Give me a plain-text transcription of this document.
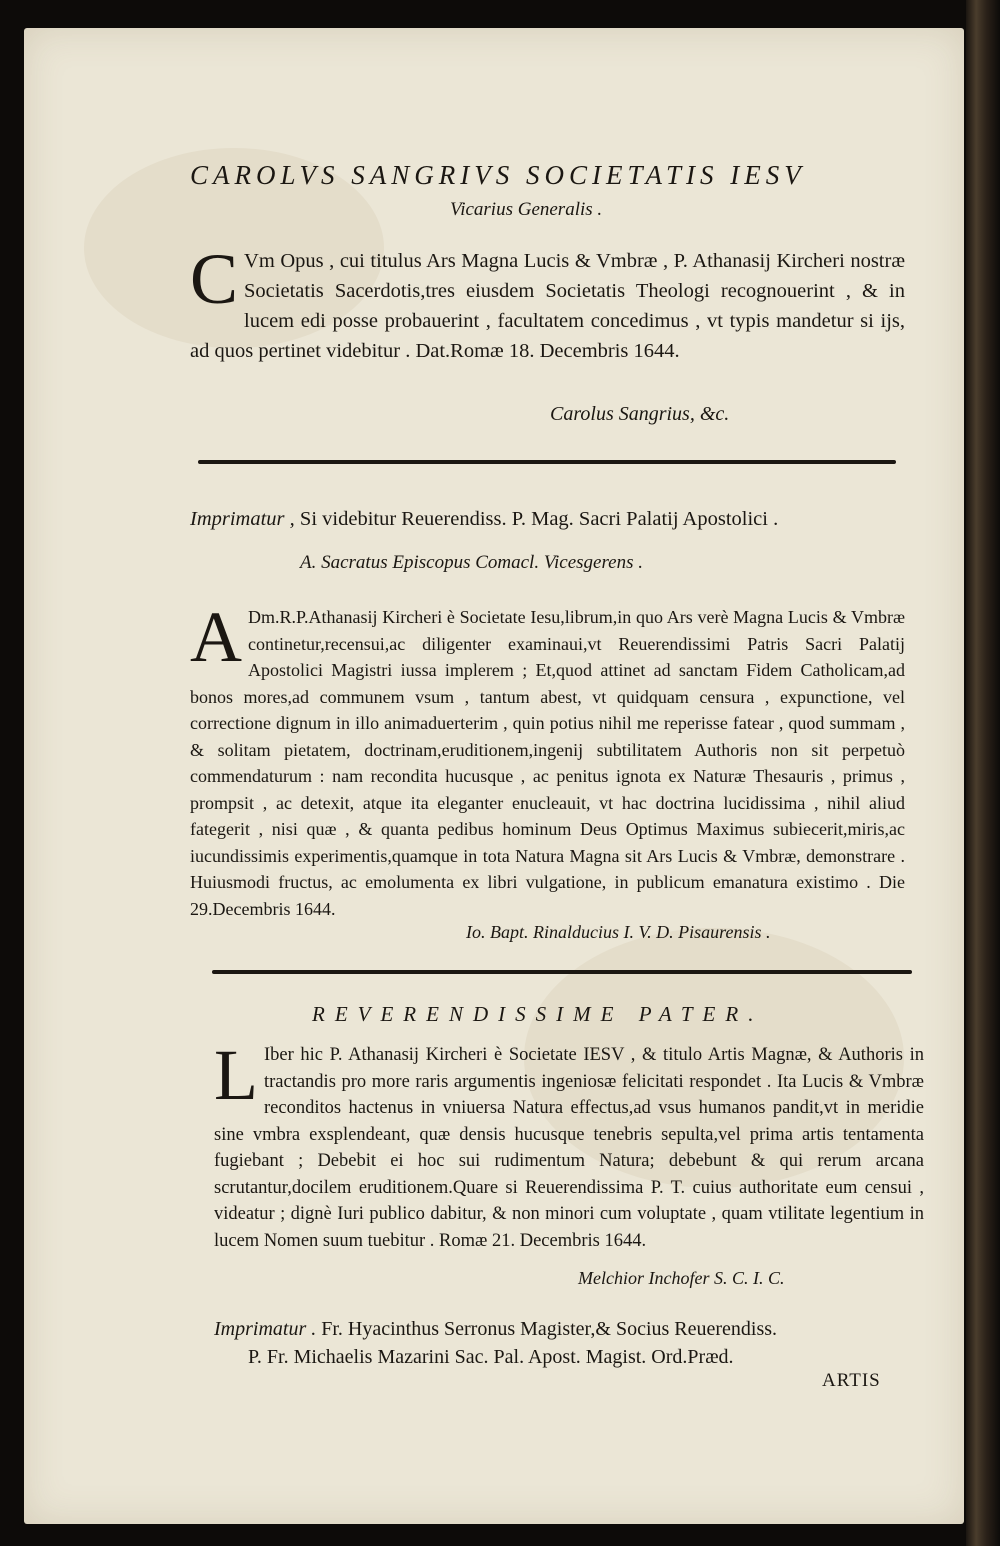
CAROLVS SANGRIVS SOCIETATIS IESV
Vicarius Generalis .
C Vm Opus , cui titulus Ars Magna Lucis & Vmbræ , P. Athanasij Kircheri nostræ Societatis Sacerdotis,tres eiusdem Societatis Theologi recognouerint , & in lucem edi posse probauerint , facultatem concedimus , vt typis mandetur si ijs, ad quos pertinet videbitur . Dat.Romæ 18. Decembris 1644.
Carolus Sangrius, &c.
Imprimatur , Si videbitur Reuerendiss. P. Mag. Sacri Palatij Apostolici .
A. Sacratus Episcopus Comacl. Vicesgerens .
A Dm.R.P.Athanasij Kircheri è Societate Iesu,librum,in quo Ars verè Magna Lucis & Vmbræ continetur,recensui,ac diligenter examinaui,vt Reuerendissimi Patris Sacri Palatij Apostolici Magistri iussa implerem ; Et,quod attinet ad sanctam Fidem Catholicam,ad bonos mores,ad communem vsum , tantum abest, vt quidquam censura , expunctione, vel correctione dignum in illo animaduerterim , quin potius nihil me reperisse fatear , quod summam , & solitam pietatem, doctrinam,eruditionem,ingenij subtilitatem Authoris non sit perpetuò commendaturum : nam recondita hucusque , ac penitus ignota ex Naturæ Thesauris , primus , prompsit , ac detexit, atque ita eleganter enucleauit, vt hac doctrina lucidissima , nihil aliud fategerit , nisi quæ , & quanta pedibus hominum Deus Optimus Maximus subiecerit,miris,ac iucundissimis experimentis,quamque in tota Natura Magna sit Ars Lucis & Vmbræ, demonstrare . Huiusmodi fructus, ac emolumenta ex libri vulgatione, in publicum emanatura existimo . Die 29.Decembris 1644.
Io. Bapt. Rinalducius I. V. D. Pisaurensis .
REVERENDISSIME PATER.
L Iber hic P. Athanasij Kircheri è Societate IESV , & titulo Artis Magnæ, & Authoris in tractandis pro more raris argumentis ingeniosæ felicitati respondet . Ita Lucis & Vmbræ reconditos hactenus in vniuersa Natura effectus,ad vsus humanos pandit,vt in meridie sine vmbra exsplendeant, quæ densis hucusque tenebris sepulta,vel prima artis tentamenta fugiebant ; Debebit ei hoc sui rudimentum Natura; debebunt & qui rerum arcana scrutantur,docilem eruditionem.Quare si Reuerendissima P. T. cuius authoritate eum censui , videatur ; dignè Iuri publico dabitur, & non minori cum voluptate , quam vtilitate legentium in lucem Nomen suum tuebitur . Romæ 21. Decembris 1644.
Melchior Inchofer S. C. I. C.
Imprimatur . Fr. Hyacinthus Serronus Magister,& Socius Reuerendiss.
P. Fr. Michaelis Mazarini Sac. Pal. Apost. Magist. Ord.Præd.
ARTIS
